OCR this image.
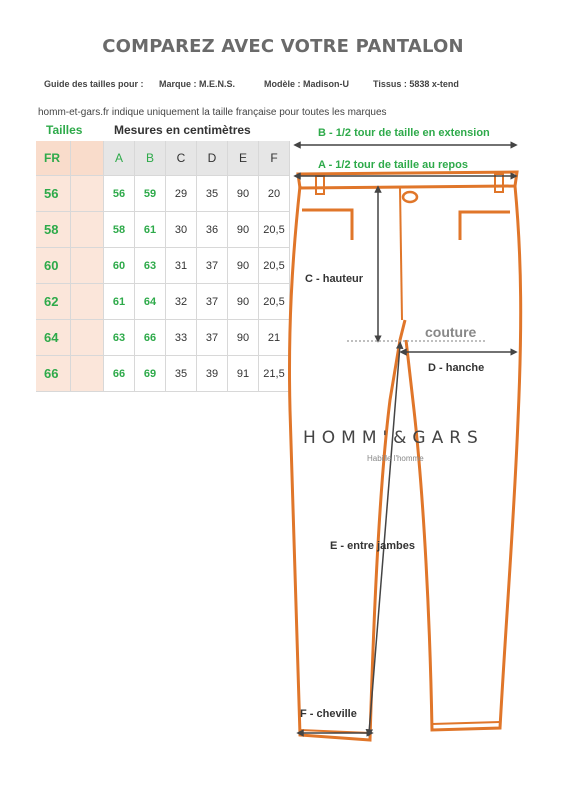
COMPAREZ AVEC VOTRE PANTALON
Guide des tailles pour : Marque : M.E.N.S.	Modèle : Madison-U	Tissus : 5838 x-tend
homm-et-gars.fr indique uniquement la taille française pour toutes les marques
Tailles	Mesures en centimètres
FR		A	B	C	D	E	F
56		56	59	29	35	90	20
58		58	61	30	36	90	20,5
60		60	63	31	37	90	20,5
62		61	64	32	37	90	20,5
64		63	66	33	37	90	21
66		66	69	35	39	91	21,5
B - 1/2 tour de taille en extension
A - 1/2 tour de taille au repos
C - hauteur
couture
D - hanche
E - entre jambes
F - cheville
HOMM'&GARS
Habille l'homme
